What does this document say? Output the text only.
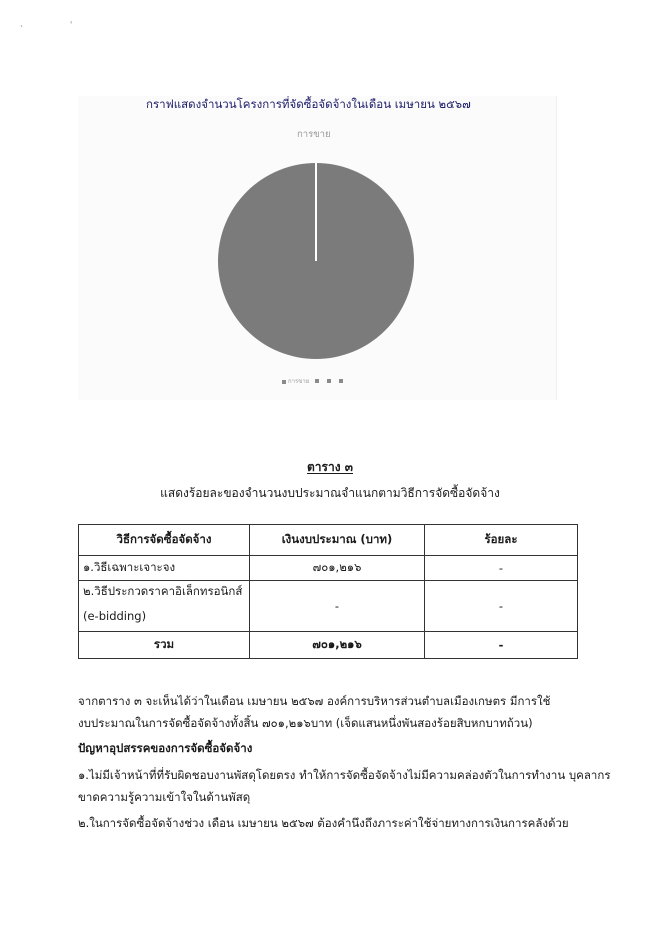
˴ ˈ
กราฟแสดงจำนวนโครงการที่จัดซื้อจัดจ้างในเดือน เมษายน ๒๕๖๗
การขาย
การขาย
ตาราง ๓
แสดงร้อยละของจำนวนงบประมาณจำแนกตามวิธีการจัดซื้อจัดจ้าง
วิธีการจัดซื้อจัดจ้าง	เงินงบประมาณ (บาท)	ร้อยละ
๑.วิธีเฉพาะเจาะจง	๗๐๑,๒๑๖	-
๒.วิธีประกวดราคาอิเล็กทรอนิกส์
(e-bidding)	-	-
รวม	๗๐๑,๒๑๖	-
จากตาราง ๓ จะเห็นได้ว่าในเดือน เมษายน ๒๕๖๗ องค์การบริหารส่วนตำบลเมืองเกษตร มีการใช้
งบประมาณในการจัดซื้อจัดจ้างทั้งสิ้น ๗๐๑,๒๑๖บาท (เจ็ดแสนหนึ่งพันสองร้อยสิบหกบาทถ้วน)
ปัญหาอุปสรรคของการจัดซื้อจัดจ้าง
๑.ไม่มีเจ้าหน้าที่ที่รับผิดชอบงานพัสดุโดยตรง ทำให้การจัดซื้อจัดจ้างไม่มีความคล่องตัวในการทำงาน บุคลากร
ขาดความรู้ความเข้าใจในด้านพัสดุ
๒.ในการจัดซื้อจัดจ้างช่วง เดือน เมษายน ๒๕๖๗ ต้องคำนึงถึงภาระค่าใช้จ่ายทางการเงินการคลังด้วย
